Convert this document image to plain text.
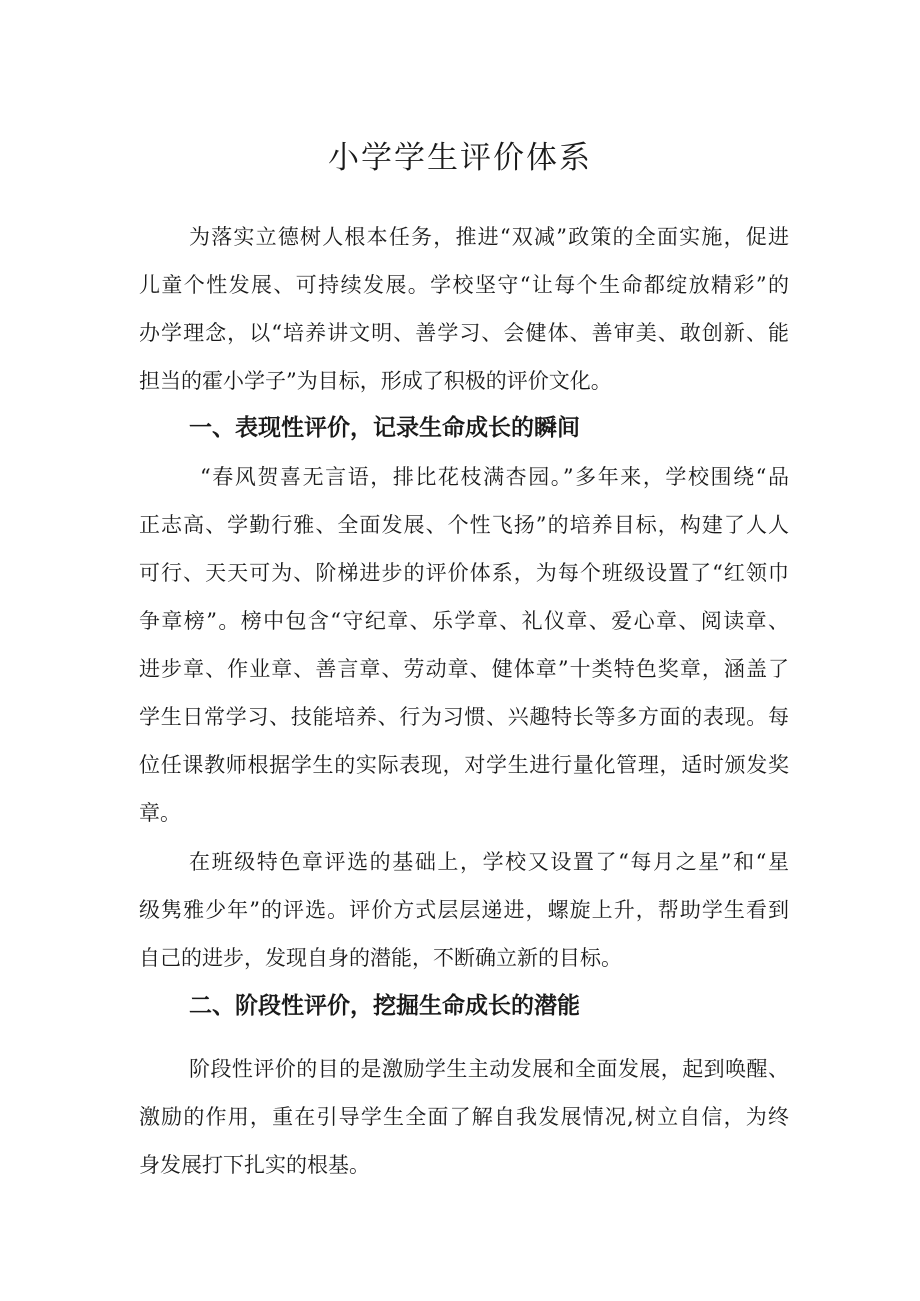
小学学生评价体系
为落实立德树人根本任务，推进“双减”政策的全面实施，促进
儿童个性发展、可持续发展。学校坚守“让每个生命都绽放精彩”的
办学理念，以“培养讲文明、善学习、会健体、善审美、敢创新、能
担当的霍小学子”为目标，形成了积极的评价文化。
一、表现性评价，记录生命成长的瞬间
“春风贺喜无言语，排比花枝满杏园。”多年来，学校围绕“品
正志高、学勤行雅、全面发展、个性飞扬”的培养目标，构建了人人
可行、天天可为、阶梯进步的评价体系，为每个班级设置了“红领巾
争章榜”。榜中包含“守纪章、乐学章、礼仪章、爱心章、阅读章、
进步章、作业章、善言章、劳动章、健体章”十类特色奖章，涵盖了
学生日常学习、技能培养、行为习惯、兴趣特长等多方面的表现。每
位任课教师根据学生的实际表现，对学生进行量化管理，适时颁发奖
章。
在班级特色章评选的基础上，学校又设置了“每月之星”和“星
级隽雅少年”的评选。评价方式层层递进，螺旋上升，帮助学生看到
自己的进步，发现自身的潜能，不断确立新的目标。
二、阶段性评价，挖掘生命成长的潜能
阶段性评价的目的是激励学生主动发展和全面发展，起到唤醒、
激励的作用，重在引导学生全面了解自我发展情况,树立自信，为终
身发展打下扎实的根基。
